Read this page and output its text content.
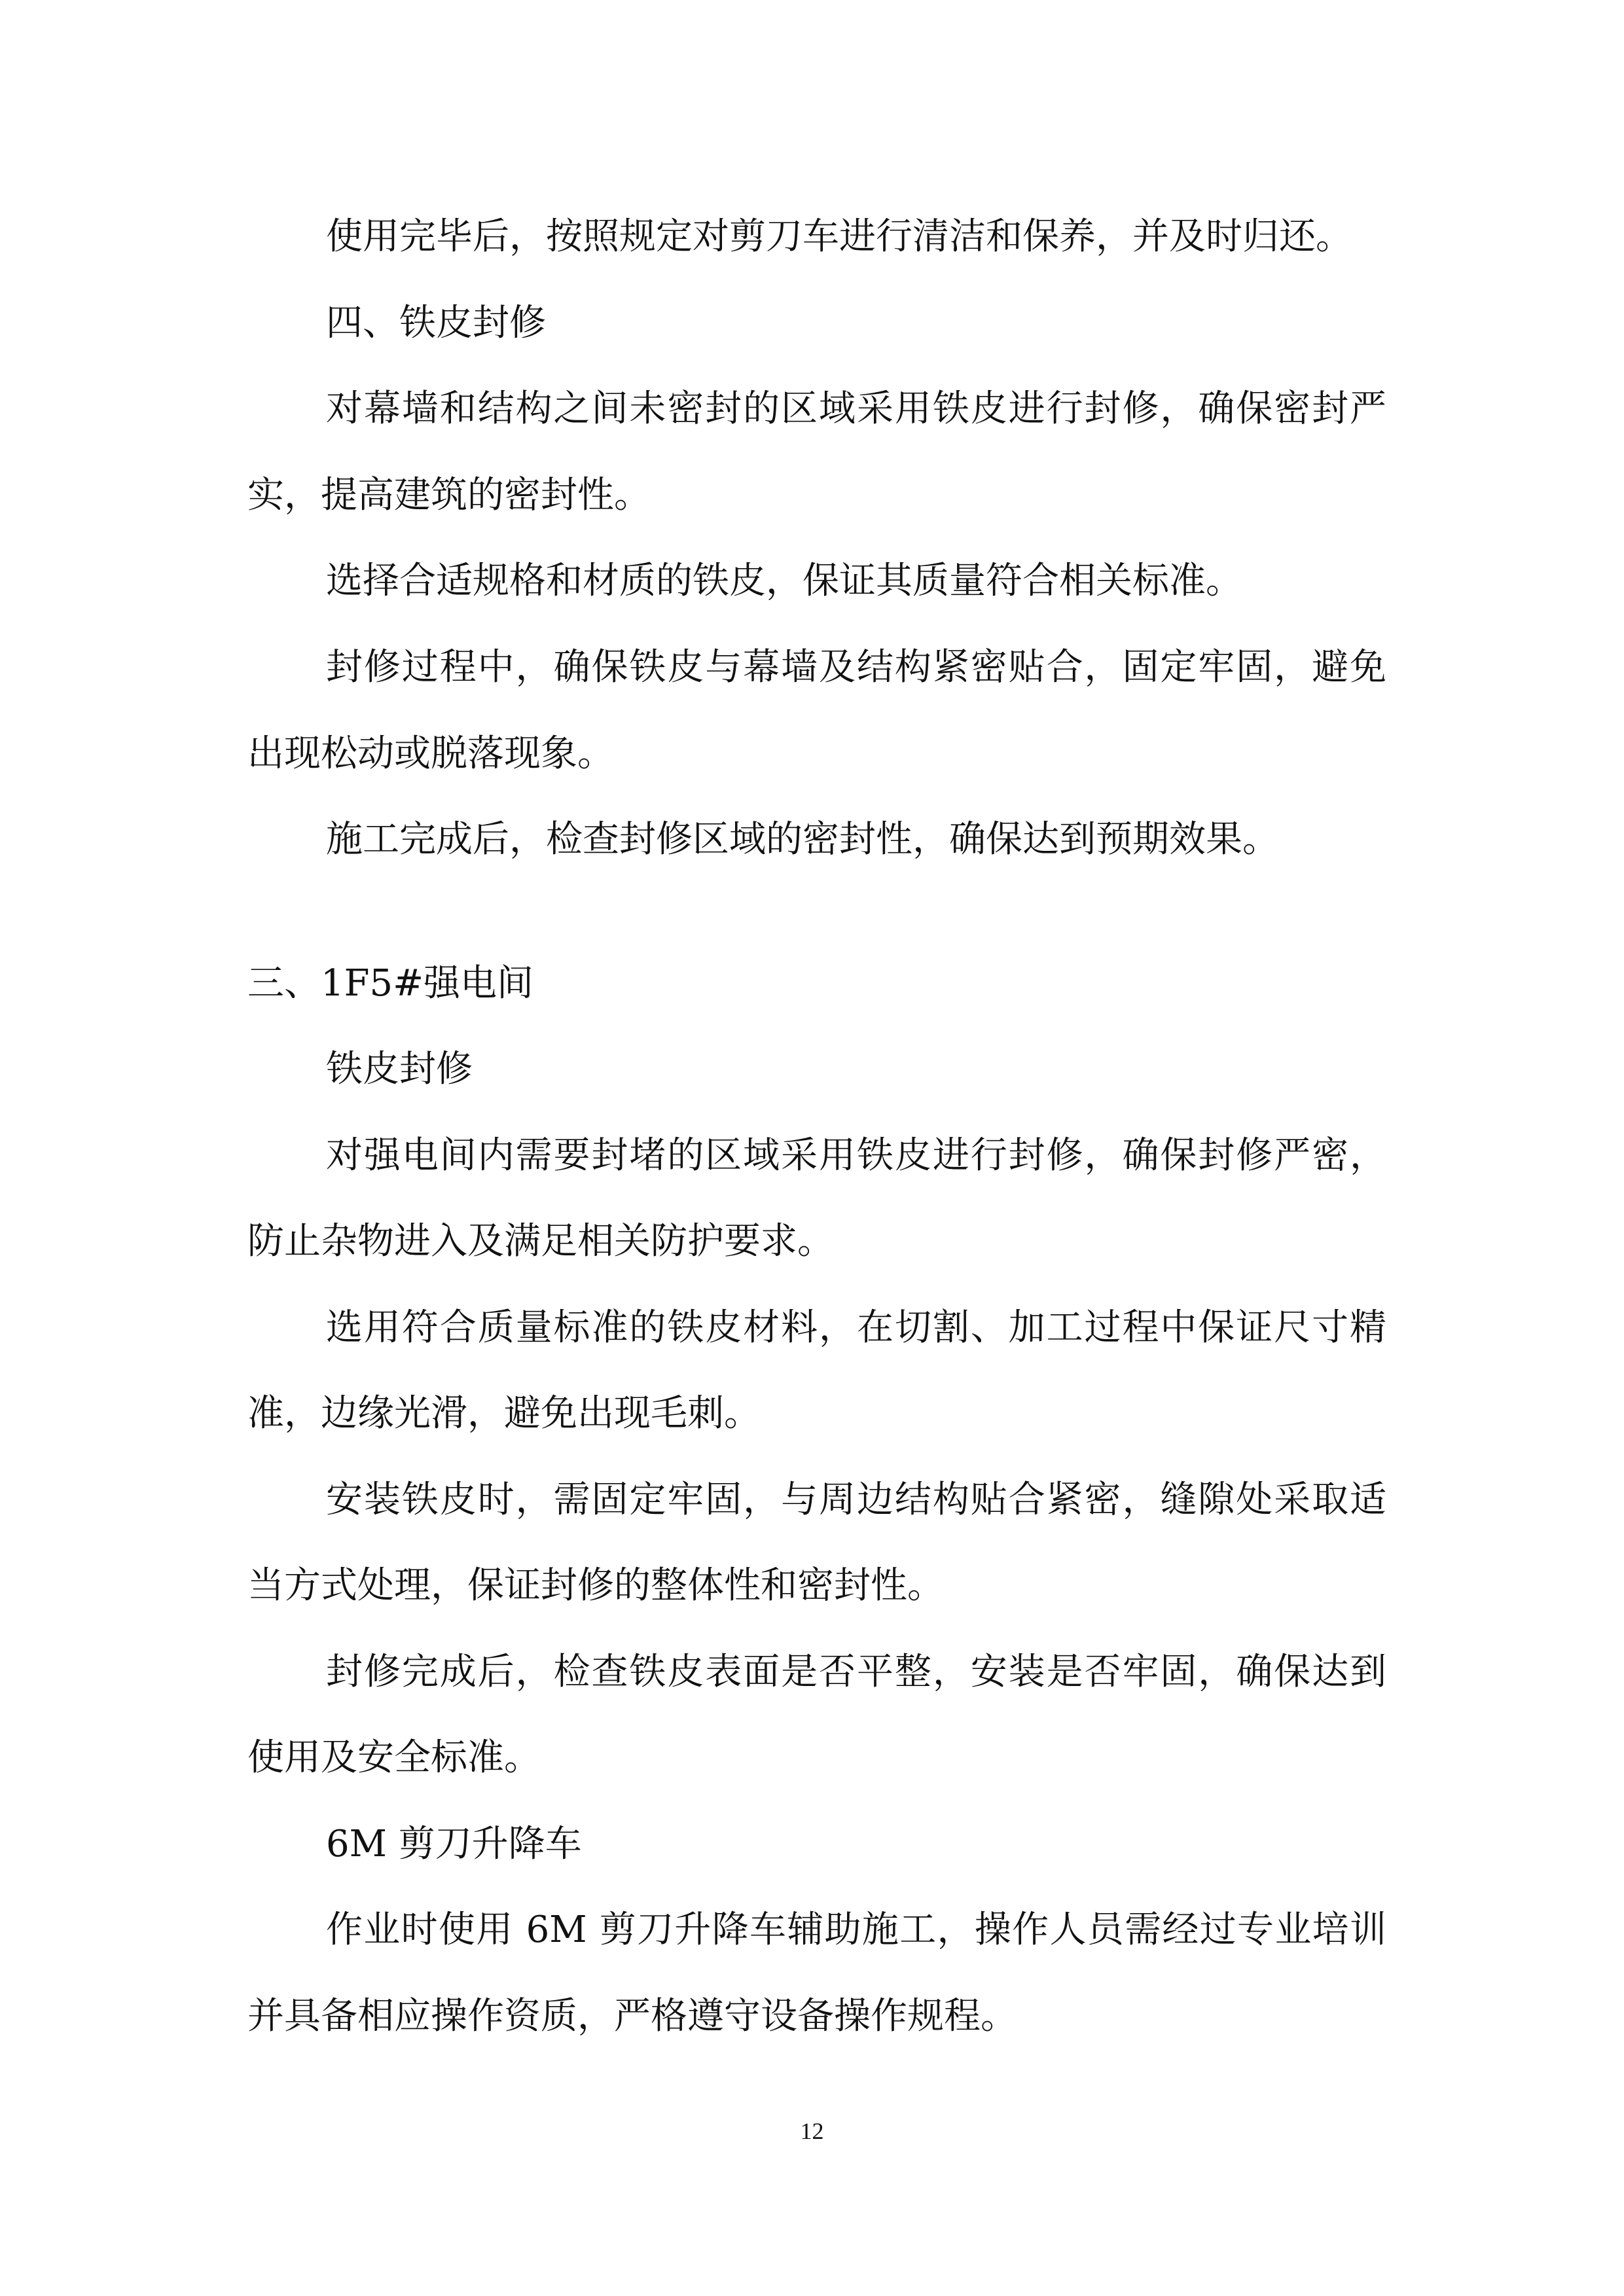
使用完毕后，按照规定对剪刀车进行清洁和保养，并及时归还。
四、铁皮封修
对幕墙和结构之间未密封的区域采用铁皮进行封修，确保密封严
实，提高建筑的密封性。
选择合适规格和材质的铁皮，保证其质量符合相关标准。
封修过程中，确保铁皮与幕墙及结构紧密贴合，固定牢固，避免
出现松动或脱落现象。
施工完成后，检查封修区域的密封性，确保达到预期效果。
三、1F5#强电间
铁皮封修
对强电间内需要封堵的区域采用铁皮进行封修，确保封修严密，
防止杂物进入及满足相关防护要求。
选用符合质量标准的铁皮材料，在切割、加工过程中保证尺寸精
准，边缘光滑，避免出现毛刺。
安装铁皮时，需固定牢固，与周边结构贴合紧密，缝隙处采取适
当方式处理，保证封修的整体性和密封性。
封修完成后，检查铁皮表面是否平整，安装是否牢固，确保达到
使用及安全标准。
6M 剪刀升降车
作业时使用 6M 剪刀升降车辅助施工，操作人员需经过专业培训
并具备相应操作资质，严格遵守设备操作规程。
12
